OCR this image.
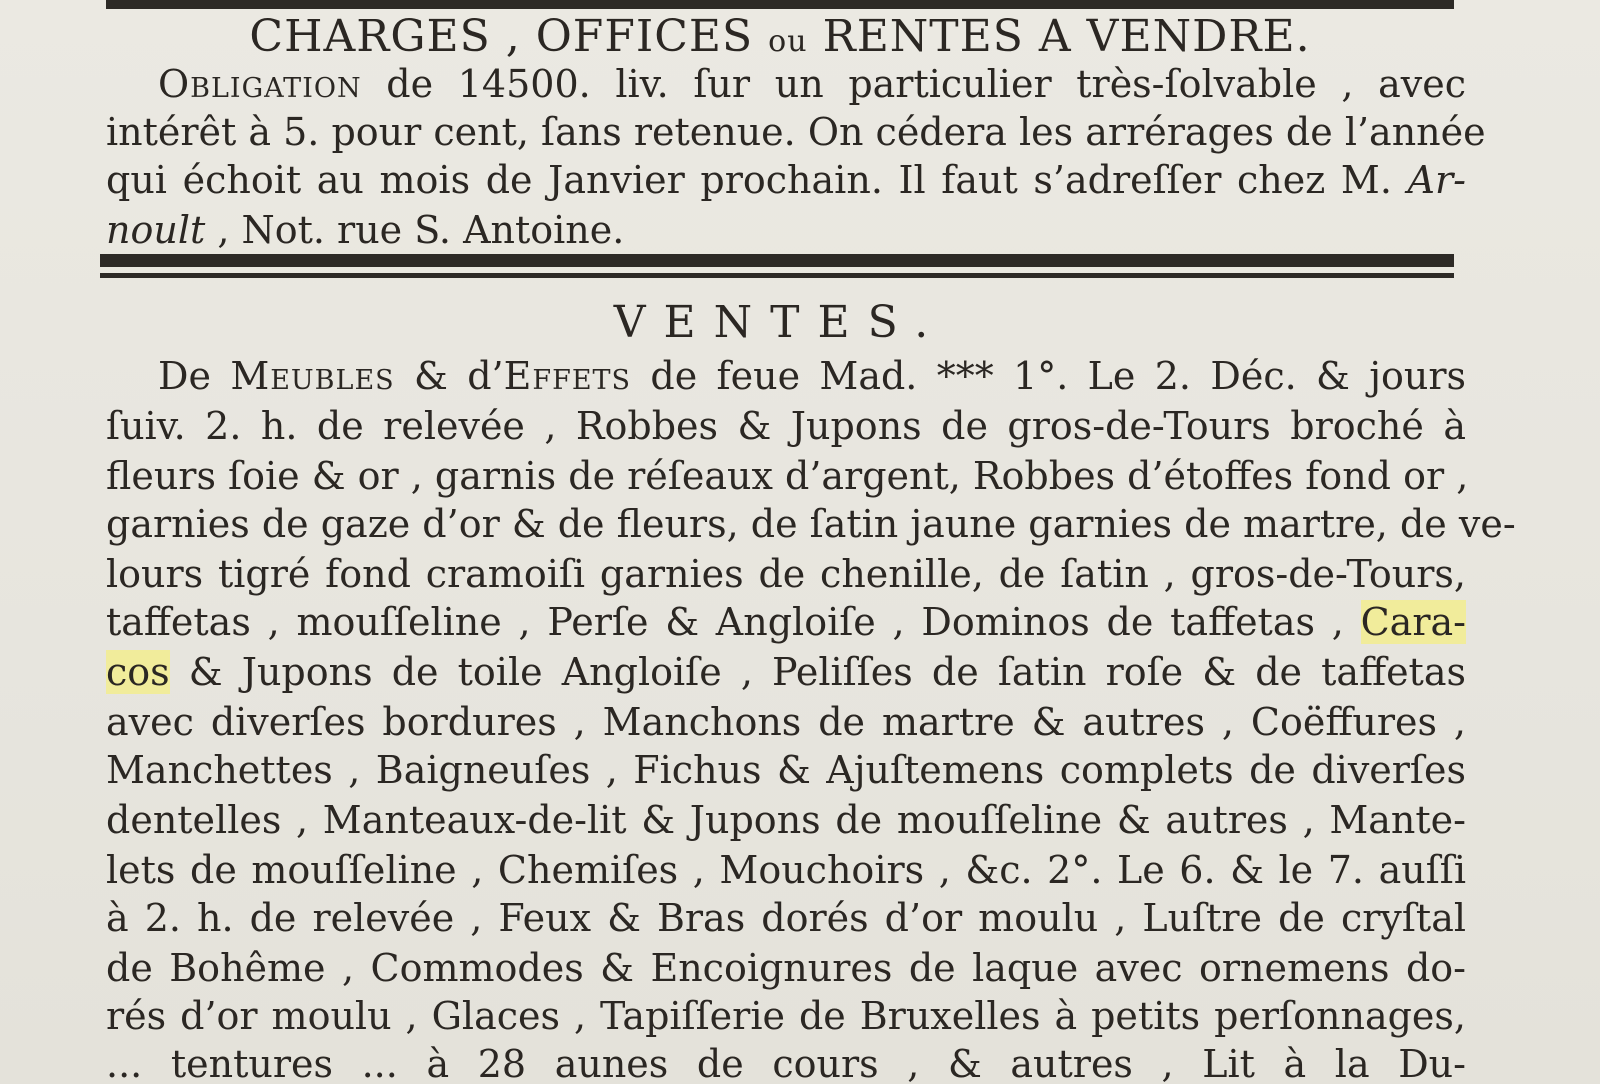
CHARGES , OFFICES ou RENTES A VENDRE.
Obligation de 14500. liv. ſur un particulier très-ſolvable , avec
intérêt à 5. pour cent, ſans retenue. On cédera les arrérages de l’année
qui échoit au mois de Janvier prochain. Il faut s’adreſſer chez M. Ar-
noult , Not. rue S. Antoine.
VENTES.
De Meubles & d’Effets de feue Mad. *** 1°. Le 2. Déc. & jours
ſuiv. 2. h. de relevée , Robbes & Jupons de gros-de-Tours broché à
fleurs ſoie & or , garnis de réſeaux d’argent, Robbes d’étoffes fond or ,
garnies de gaze d’or & de fleurs, de ſatin jaune garnies de martre, de ve-
lours tigré fond cramoiſi garnies de chenille, de ſatin , gros-de-Tours,
taffetas , mouſſeline , Perſe & Angloiſe , Dominos de taffetas , Cara-
cos & Jupons de toile Angloiſe , Peliſſes de ſatin roſe & de taffetas
avec diverſes bordures , Manchons de martre & autres , Coëffures ,
Manchettes , Baigneuſes , Fichus & Ajuſtemens complets de diverſes
dentelles , Manteaux-de-lit & Jupons de mouſſeline & autres , Mante-
lets de mouſſeline , Chemiſes , Mouchoirs , &c. 2°. Le 6. & le 7. auſſi
à 2. h. de relevée , Feux & Bras dorés d’or moulu , Luſtre de cryſtal
de Bohême , Commodes & Encoignures de laque avec ornemens do-
rés d’or moulu , Glaces , Tapiſſerie de Bruxelles à petits perſonnages,
... tentures ... à 28 aunes de cours , & autres , Lit à la Du-
